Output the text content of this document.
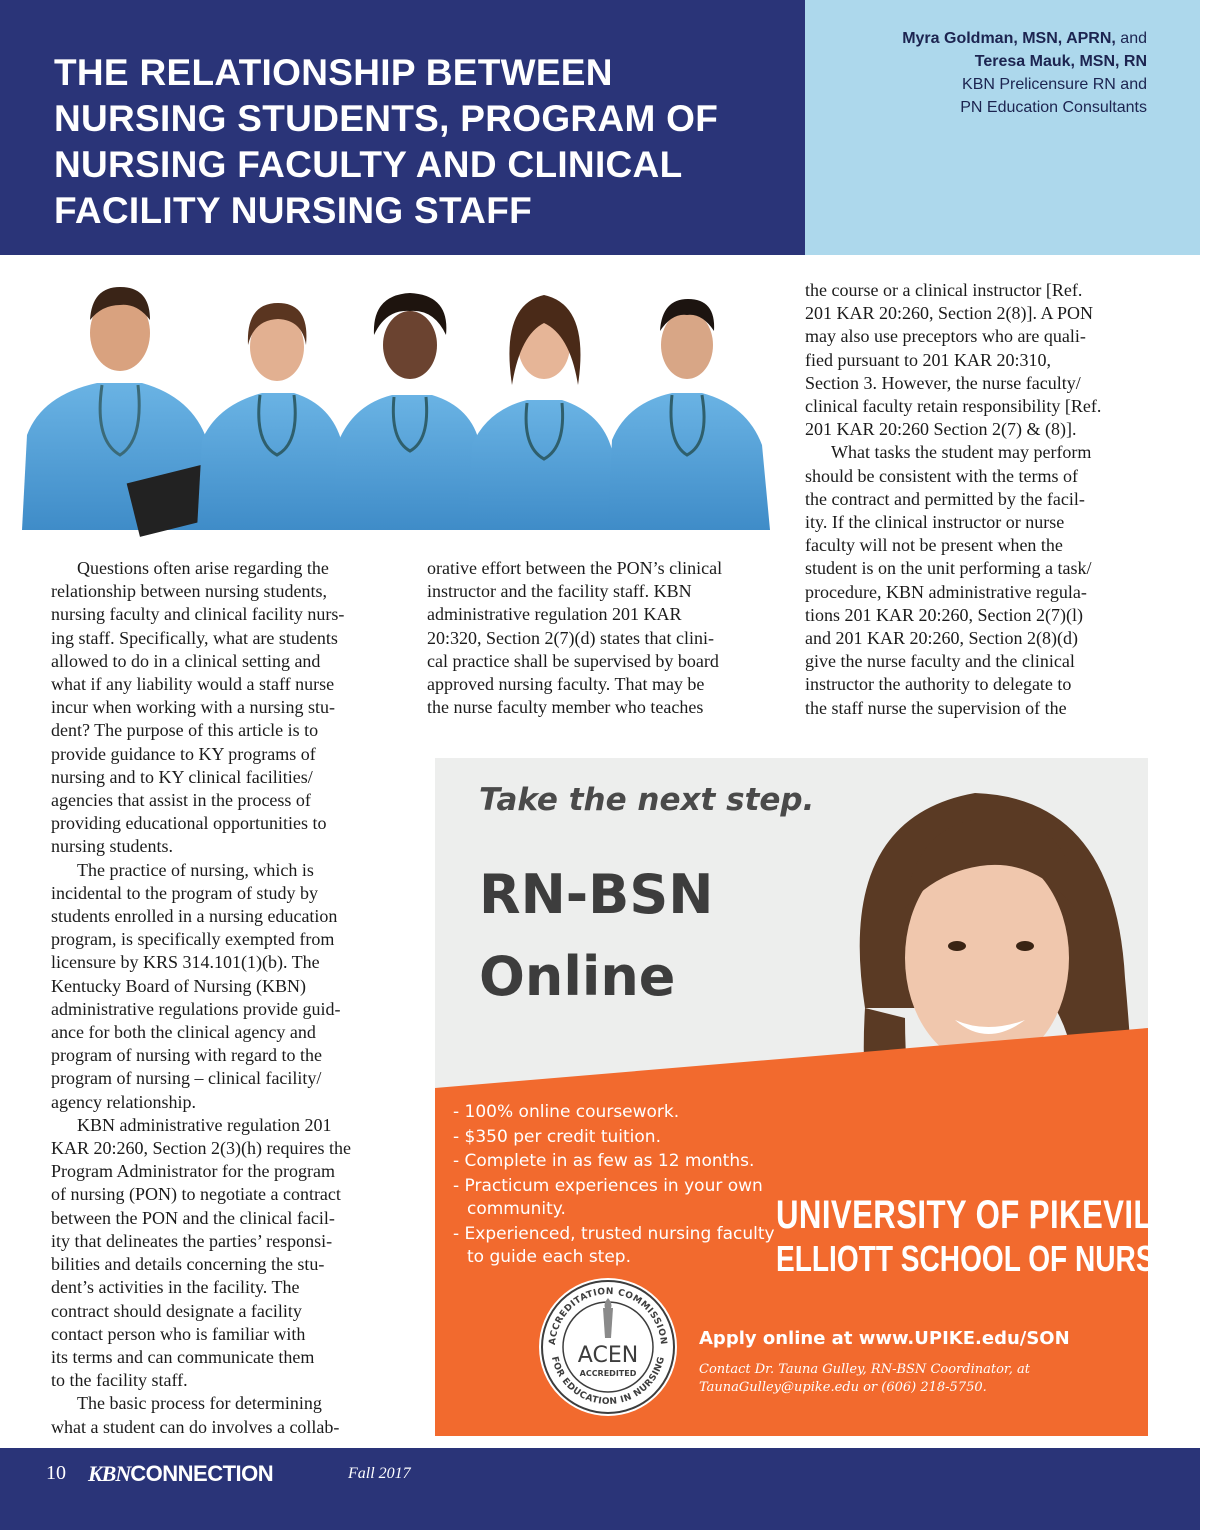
THE RELATIONSHIP BETWEEN
NURSING STUDENTS, PROGRAM OF
NURSING FACULTY AND CLINICAL
FACILITY NURSING STAFF
Myra Goldman, MSN, APRN, and
Teresa Mauk, MSN, RN
KBN Prelicensure RN and
PN Education Consultants

Questions often arise regarding the
relationship between nursing students,
nursing faculty and clinical facility nurs-
ing staff. Specifically, what are students
allowed to do in a clinical setting and
what if any liability would a staff nurse
incur when working with a nursing stu-
dent? The purpose of this article is to
provide guidance to KY programs of
nursing and to KY clinical facilities/
agencies that assist in the process of
providing educational opportunities to
nursing students.

The practice of nursing, which is
incidental to the program of study by
students enrolled in a nursing education
program, is specifically exempted from
licensure by KRS 314.101(1)(b). The
Kentucky Board of Nursing (KBN)
administrative regulations provide guid-
ance for both the clinical agency and
program of nursing with regard to the
program of nursing – clinical facility/
agency relationship.

KBN administrative regulation 201
KAR 20:260, Section 2(3)(h) requires the
Program Administrator for the program
of nursing (PON) to negotiate a contract
between the PON and the clinical facil-
ity that delineates the parties’ responsi-
bilities and details concerning the stu-
dent’s activities in the facility. The
contract should designate a facility
contact person who is familiar with
its terms and can communicate them
to the facility staff.

The basic process for determining
what a student can do involves a collab-

orative effort between the PON’s clinical
instructor and the facility staff. KBN
administrative regulation 201 KAR
20:320, Section 2(7)(d) states that clini-
cal practice shall be supervised by board
approved nursing faculty. That may be
the nurse faculty member who teaches

the course or a clinical instructor [Ref.
201 KAR 20:260, Section 2(8)]. A PON
may also use preceptors who are quali-
fied pursuant to 201 KAR 20:310,
Section 3. However, the nurse faculty/
clinical faculty retain responsibility [Ref.
201 KAR 20:260 Section 2(7) & (8)].

What tasks the student may perform
should be consistent with the terms of
the contract and permitted by the facil-
ity. If the clinical instructor or nurse
faculty will not be present when the
student is on the unit performing a task/
procedure, KBN administrative regula-
tions 201 KAR 20:260, Section 2(7)(l)
and 201 KAR 20:260, Section 2(8)(d)
give the nurse faculty and the clinical
instructor the authority to delegate to
the staff nurse the supervision of the

Take the next step.
RN-BSN
Online
- 100% online coursework.
- $350 per credit tuition.
- Complete in as few as 12 months.
- Practicum experiences in your own community.
- Experienced, trusted nursing faculty to guide each step.
UNIVERSITY OF PIKEVILLE
ELLIOTT SCHOOL OF NURSING
ACCREDITATION COMMISSION
FOR EDUCATION IN NURSING
ACEN
ACCREDITED
Apply online at www.UPIKE.edu/SON
Contact Dr. Tauna Gulley, RN-BSN Coordinator, at
TaunaGulley@upike.edu or (606) 218-5750.
10 KBNCONNECTION	Fall 2017
